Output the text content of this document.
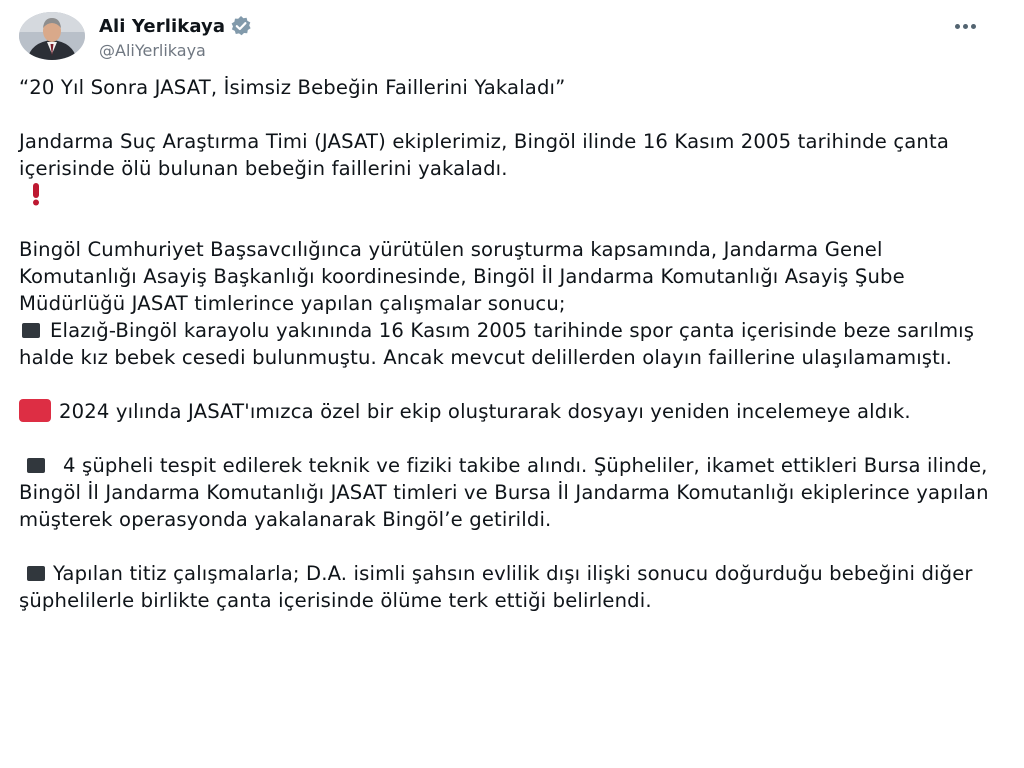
Ali Yerlikaya
@AliYerlikaya

“20 Yıl Sonra JASAT, İsimsiz Bebeğin Faillerini Yakaladı”

Jandarma Suç Araştırma Timi (JASAT) ekiplerimiz, Bingöl ilinde 16 Kasım 2005 tarihinde çanta içerisinde ölü bulunan bebeğin faillerini yakaladı.

Bingöl Cumhuriyet Başsavcılığınca yürütülen soruşturma kapsamında, Jandarma Genel Komutanlığı Asayiş Başkanlığı koordinesinde, Bingöl İl Jandarma Komutanlığı Asayiş Şube Müdürlüğü JASAT timlerince yapılan çalışmalar sonucu;

Elazığ-Bingöl karayolu yakınında 16 Kasım 2005 tarihinde spor çanta içerisinde beze sarılmış halde kız bebek cesedi bulunmuştu. Ancak mevcut delillerden olayın faillerine ulaşılamamıştı.

2024 yılında JASAT'ımızca özel bir ekip oluşturarak dosyayı yeniden incelemeye aldık.

4 şüpheli tespit edilerek teknik ve fiziki takibe alındı. Şüpheliler, ikamet ettikleri Bursa ilinde, Bingöl İl Jandarma Komutanlığı JASAT timleri ve Bursa İl Jandarma Komutanlığı ekiplerince yapılan müşterek operasyonda yakalanarak Bingöl’e getirildi.

Yapılan titiz çalışmalarla; D.A. isimli şahsın evlilik dışı ilişki sonucu doğurduğu bebeğini diğer şüphelilerle birlikte çanta içerisinde ölüme terk ettiği belirlendi.
